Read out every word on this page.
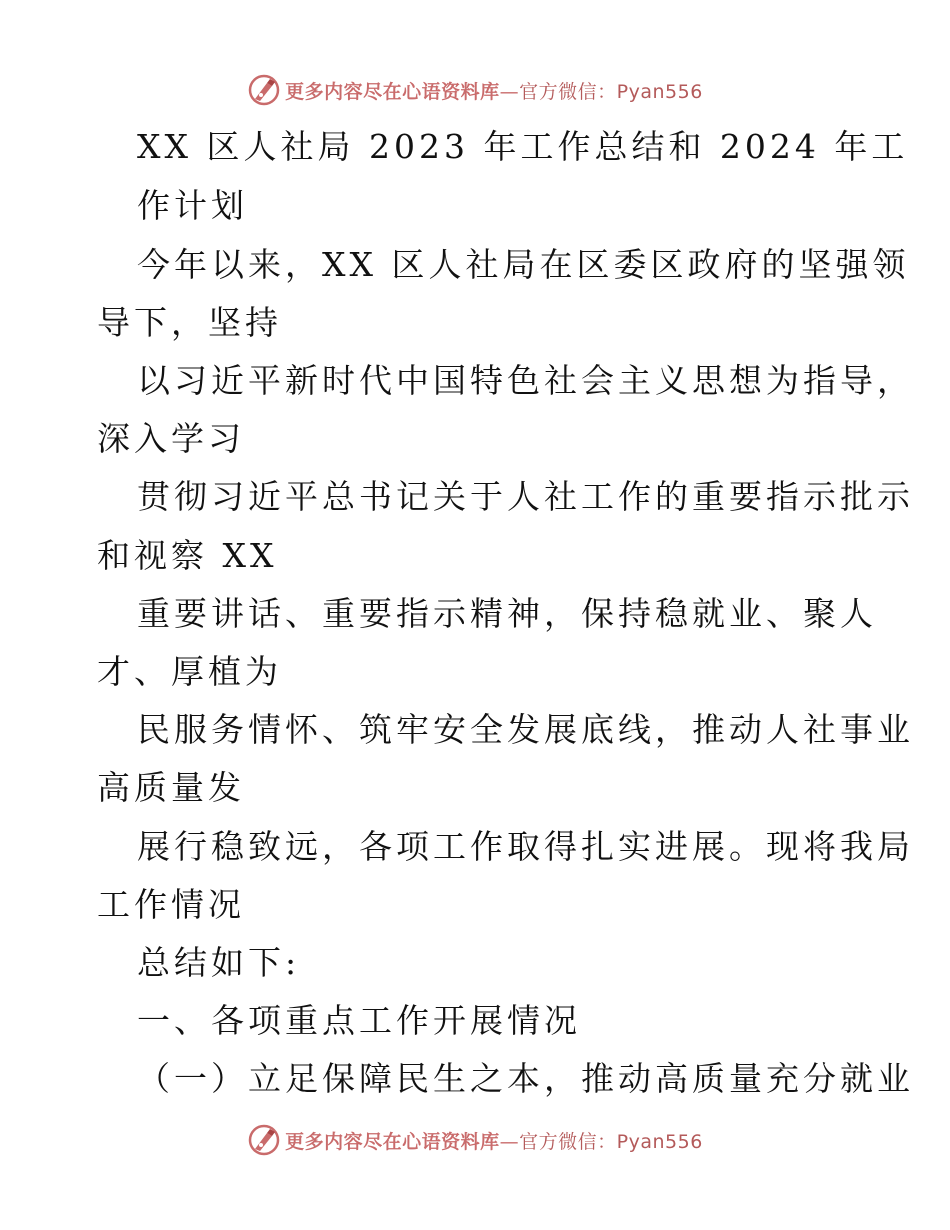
更多内容尽在心语资料库—官方微信：Pyan556
XX 区人社局 2023 年工作总结和 2024 年工
作计划
今年以来，XX 区人社局在区委区政府的坚强领
导下，坚持
以习近平新时代中国特色社会主义思想为指导，
深入学习
贯彻习近平总书记关于人社工作的重要指示批示
和视察 XX
重要讲话、重要指示精神，保持稳就业、聚人
才、厚植为
民服务情怀、筑牢安全发展底线，推动人社事业
高质量发
展行稳致远，各项工作取得扎实进展。现将我局
工作情况
总结如下:
一、各项重点工作开展情况
（一）立足保障民生之本，推动高质量充分就业
更多内容尽在心语资料库—官方微信：Pyan556
